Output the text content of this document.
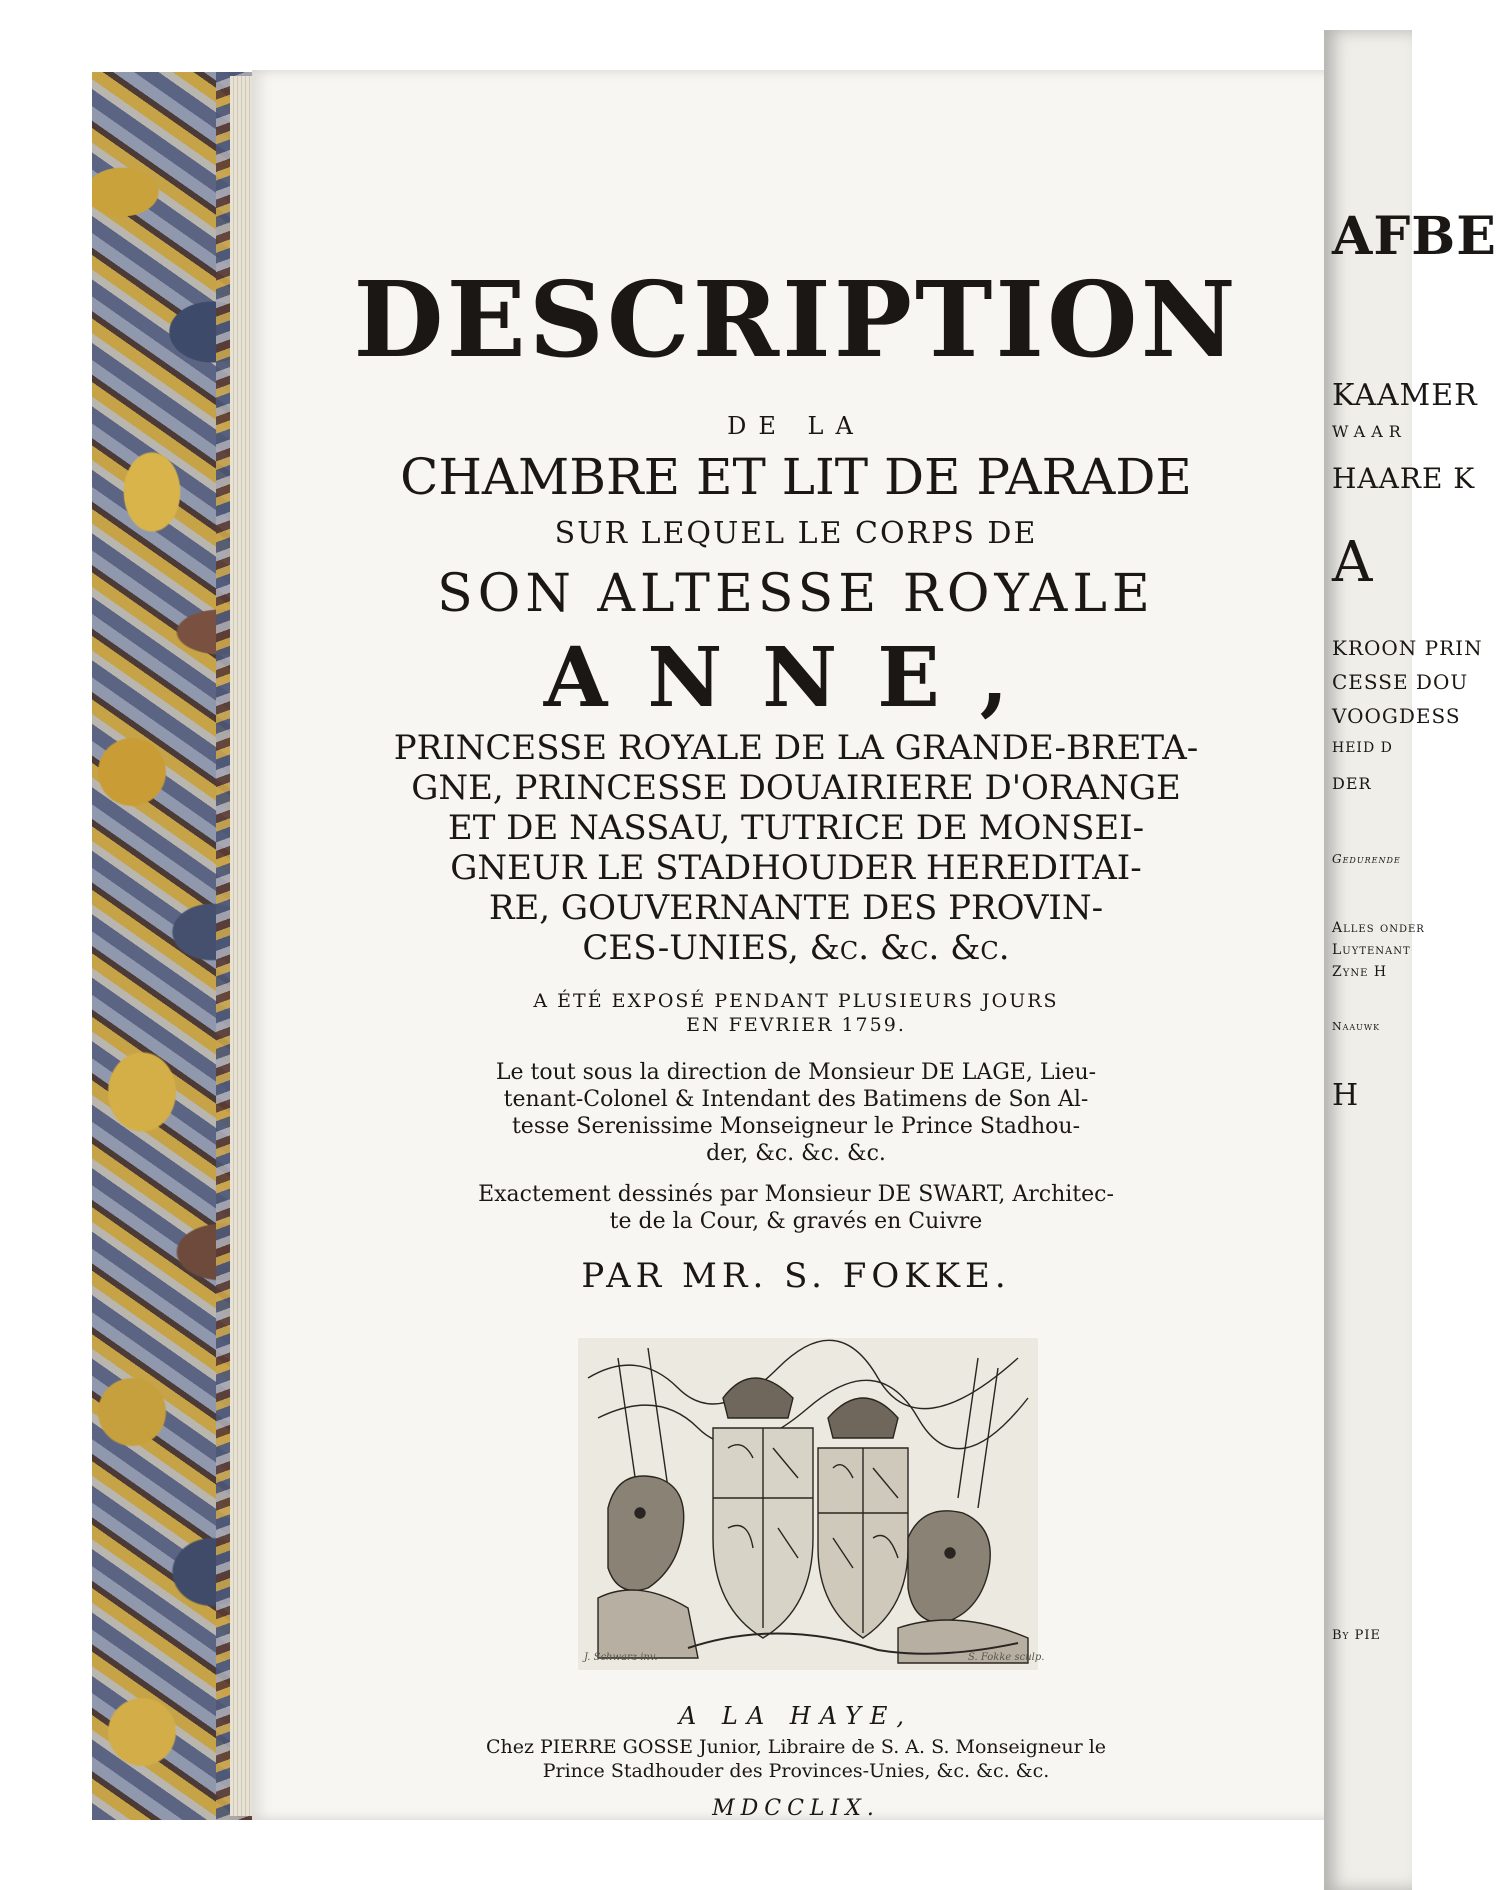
DESCRIPTION
DE LA
CHAMBRE ET LIT DE PARADE
SUR LEQUEL LE CORPS DE
SON ALTESSE ROYALE
ANNE,
PRINCESSE ROYALE DE LA GRANDE-BRETA-
GNE, PRINCESSE DOUAIRIERE D'ORANGE
ET DE NASSAU, TUTRICE DE MONSEI-
GNEUR LE STADHOUDER HEREDITAI-
RE, GOUVERNANTE DES PROVIN-
CES-UNIES, &c. &c. &c.
A ÉTÉ EXPOSÉ PENDANT PLUSIEURS JOURS
EN FEVRIER 1759.
Le tout sous la direction de Monsieur DE LAGE, Lieu-
tenant-Colonel & Intendant des Batimens de Son Al-
tesse Serenissime Monseigneur le Prince Stadhou-
der, &c. &c. &c.
Exactement dessinés par Monsieur DE SWART, Architec-
te de la Cour, & gravés en Cuivre
PAR MR. S. FOKKE.
J. Schwarz inv.	S. Fokke sculp.
A LA HAYE,
Chez PIERRE GOSSE Junior, Libraire de S. A. S. Monseigneur le
Prince Stadhouder des Provinces-Unies, &c. &c. &c.
MDCCLIX.
AFBE
KAAMER
WAAR
HAARE K
A
KROON PRIN
CESSE DOU
VOOGDESS
HEID D
DER
Gedurende
Alles onder
Luytenant
Zyne H
Naauwk
H
By PIE
